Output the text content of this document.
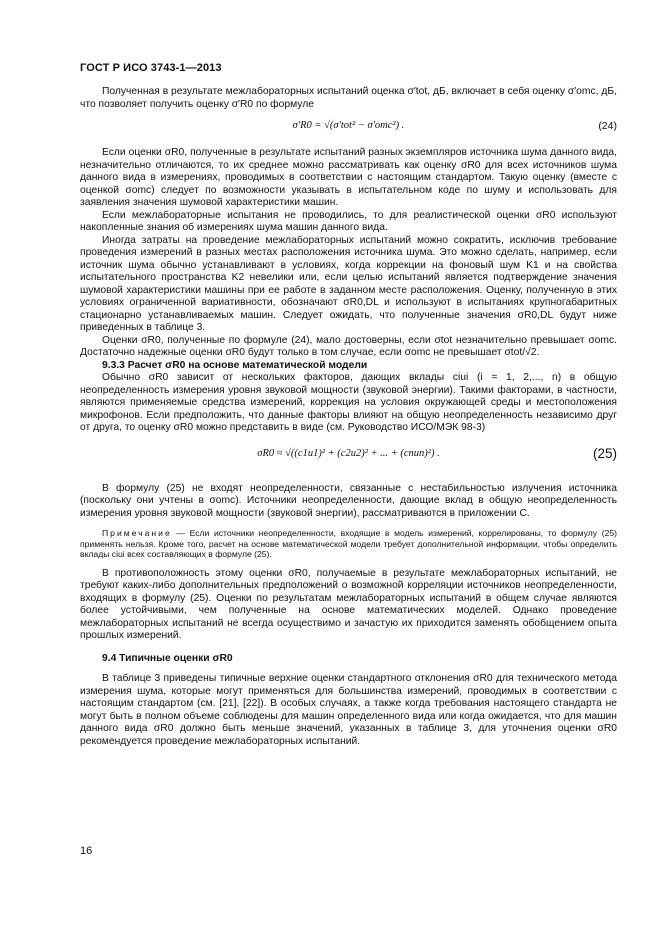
ГОСТ Р ИСО 3743-1—2013

Полученная в результате межлабораторных испытаний оценка σ′tot, дБ, включает в себя оценку σ′omc, дБ, что позволяет получить оценку σ′R0 по формуле

σ′R0 = √(σ′tot² − σ′omc²) .	(24)

Если оценки σR0, полученные в результате испытаний разных экземпляров источника шума данного вида, незначительно отличаются, то их среднее можно рассматривать как оценку σR0 для всех источников шума данного вида в измерениях, проводимых в соответствии с настоящим стандартом. Такую оценку (вместе с оценкой σomc) следует по возможности указывать в испытательном коде по шуму и использовать для заявления значения шумовой характеристики машин.

Если межлабораторные испытания не проводились, то для реалистической оценки σR0 используют накопленные знания об измерениях шума машин данного вида.

Иногда затраты на проведение межлабораторных испытаний можно сократить, исключив требование проведения измерений в разных местах расположения источника шума. Это можно сделать, например, если источник шума обычно устанавливают в условиях, когда коррекции на фоновый шум K1 и на свойства испытательного пространства K2 невелики или, если целью испытаний является подтверждение значения шумовой характеристики машины при ее работе в заданном месте расположения. Оценку, полученную в этих условиях ограниченной вариативности, обозначают σR0,DL и используют в испытаниях крупногабаритных стационарно устанавливаемых машин. Следует ожидать, что полученные значения σR0,DL будут ниже приведенных в таблице 3.

Оценки σR0, полученные по формуле (24), мало достоверны, если σtot незначительно превышает σomc. Достаточно надежные оценки σR0 будут только в том случае, если σomc не превышает σtot/√2.

9.3.3 Расчет σR0 на основе математической модели

Обычно σR0 зависит от нескольких факторов, дающих вклады ciui (i = 1, 2,..., n) в общую неопределенность измерения уровня звуковой мощности (звуковой энергии). Такими факторами, в частности, являются применяемые средства измерений, коррекция на условия окружающей среды и местоположения микрофонов. Если предположить, что данные факторы влияют на общую неопределенность независимо друг от друга, то оценку σR0 можно представить в виде (см. Руководство ИСО/МЭК 98-3)

σR0 ≈ √((c1u1)² + (c2u2)² + ... + (cnun)²) .	(25)

В формулу (25) не входят неопределенности, связанные с нестабильностью излучения источника (поскольку они учтены в σomc). Источники неопределенности, дающие вклад в общую неопределенность измерения уровня звуковой мощности (звуковой энергии), рассматриваются в приложении С.

Примечание — Если источники неопределенности, входящие в модель измерений, коррелированы, то формулу (25) применять нельзя. Кроме того, расчет на основе математической модели требует дополнительной информации, чтобы определить вклады ciui всех составляющих в формуле (25).

В противоположность этому оценки σR0, получаемые в результате межлабораторных испытаний, не требуют каких-либо дополнительных предположений о возможной корреляции источников неопределенности, входящих в формулу (25). Оценки по результатам межлабораторных испытаний в общем случае являются более устойчивыми, чем полученные на основе математических моделей. Однако проведение межлабораторных испытаний не всегда осуществимо и зачастую их приходится заменять обобщением опыта прошлых измерений.

9.4 Типичные оценки σR0

В таблице 3 приведены типичные верхние оценки стандартного отклонения σR0 для технического метода измерения шума, которые могут применяться для большинства измерений, проводимых в соответствии с настоящим стандартом (см. [21], [22]). В особых случаях, а также когда требования настоящего стандарта не могут быть в полном объеме соблюдены для машин определенного вида или когда ожидается, что для машин данного вида σR0 должно быть меньше значений, указанных в таблице 3, для уточнения оценки σR0 рекомендуется проведение межлабораторных испытаний.

16
